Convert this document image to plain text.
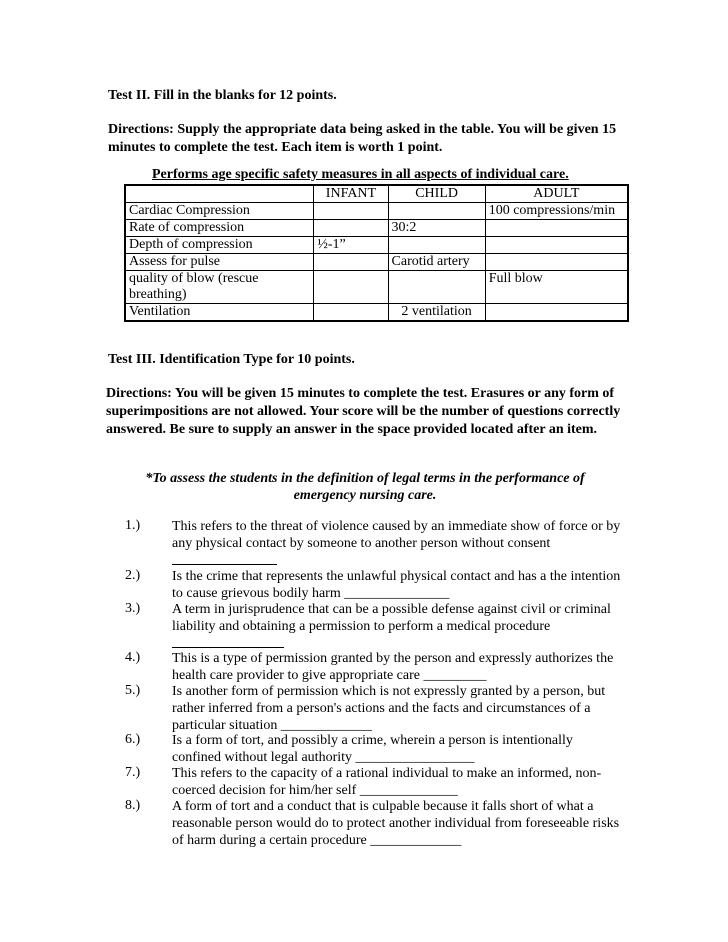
Test II. Fill in the blanks for 12 points.

Directions: Supply the appropriate data being asked in the table. You will be given 15 minutes to complete the test. Each item is worth 1 point.

Performs age specific safety measures in all aspects of individual care.

	INFANT	CHILD	ADULT
Cardiac Compression			100 compressions/min
Rate of compression		30:2	
Depth of compression	½-1”		
Assess for pulse		Carotid artery	
quality of blow (rescue breathing)			Full blow
Ventilation		2 ventilation	

Test III. Identification Type for 10 points.

Directions: You will be given 15 minutes to complete the test. Erasures or any form of superimpositions are not allowed. Your score will be the number of questions correctly answered. Be sure to supply an answer in the space provided located after an item.

*To assess the students in the definition of legal terms in the performance of emergency nursing care.

1.)	This refers to the threat of violence caused by an immediate show of force or by any physical contact by someone to another person without consent
2.)	Is the crime that represents the unlawful physical contact and has a the intention to cause grievous bodily harm _______________
3.)	A term in jurisprudence that can be a possible defense against civil or criminal liability and obtaining a permission to perform a medical procedure
4.)	This is a type of permission granted by the person and expressly authorizes the health care provider to give appropriate care _________
5.)	Is another form of permission which is not expressly granted by a person, but rather inferred from a person's actions and the facts and circumstances of a particular situation _____________
6.)	Is a form of tort, and possibly a crime, wherein a person is intentionally confined without legal authority _________________
7.)	This refers to the capacity of a rational individual to make an informed, non-coerced decision for him/her self ______________
8.)	A form of tort and a conduct that is culpable because it falls short of what a reasonable person would do to protect another individual from foreseeable risks of harm during a certain procedure _____________
